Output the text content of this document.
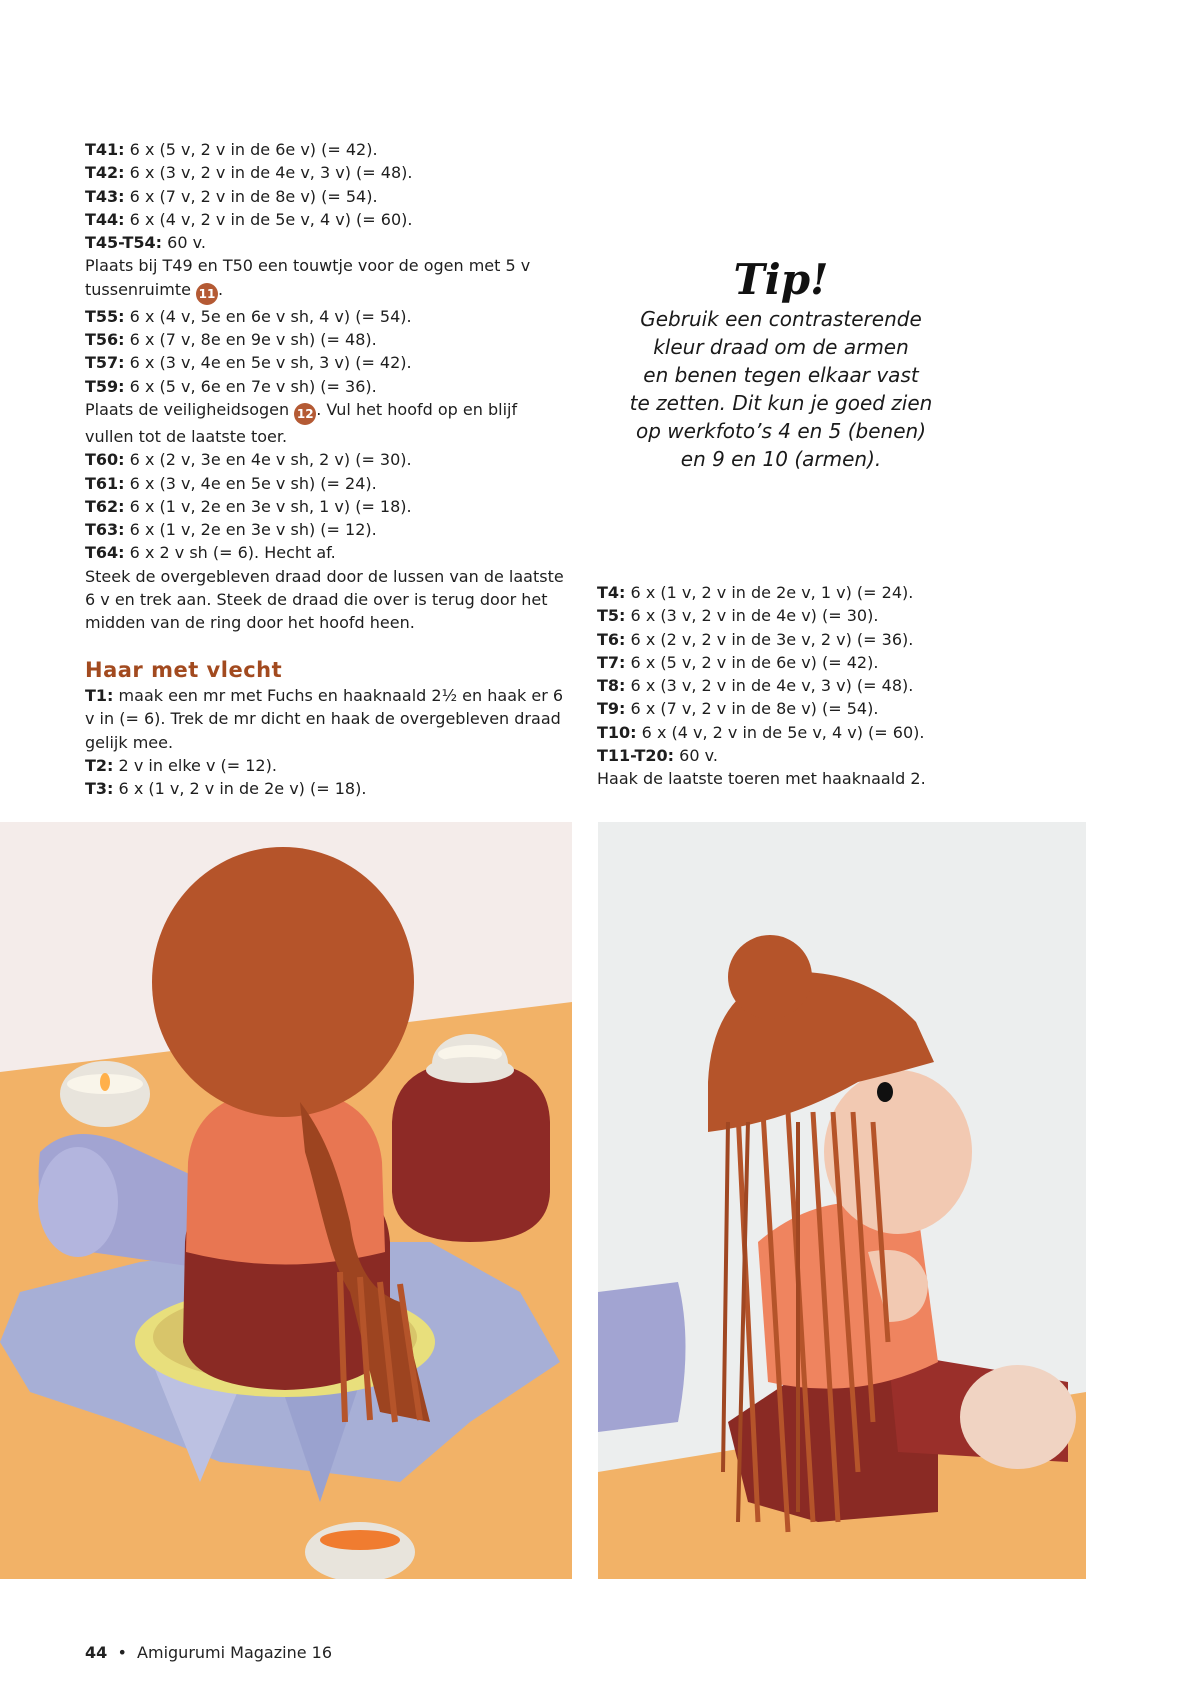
T41: 6 x (5 v, 2 v in de 6e v) (= 42).

T42: 6 x (3 v, 2 v in de 4e v, 3 v) (= 48).

T43: 6 x (7 v, 2 v in de 8e v) (= 54).

T44: 6 x (4 v, 2 v in de 5e v, 4 v) (= 60).

T45-T54: 60 v.

Plaats bij T49 en T50 een touwtje voor de ogen met 5 v tussenruimte 11 .

T55: 6 x (4 v, 5e en 6e v sh, 4 v) (= 54).

T56: 6 x (7 v, 8e en 9e v sh) (= 48).

T57: 6 x (3 v, 4e en 5e v sh, 3 v) (= 42).

T59: 6 x (5 v, 6e en 7e v sh) (= 36).

Plaats de veiligheidsogen 12 . Vul het hoofd op en blijf vullen tot de laatste toer.

T60: 6 x (2 v, 3e en 4e v sh, 2 v) (= 30).

T61: 6 x (3 v, 4e en 5e v sh) (= 24).

T62: 6 x (1 v, 2e en 3e v sh, 1 v) (= 18).

T63: 6 x (1 v, 2e en 3e v sh) (= 12).

T64: 6 x 2 v sh (= 6). Hecht af.

Steek de overgebleven draad door de lussen van de laatste 6 v en trek aan. Steek de draad die over is terug door het midden van de ring door het hoofd heen.

Haar met vlecht

T1: maak een mr met Fuchs en haaknaald 2½ en haak er 6 v in (= 6). Trek de mr dicht en haak de overgebleven draad gelijk mee.

T2: 2 v in elke v (= 12).

T3: 6 x (1 v, 2 v in de 2e v) (= 18).

Tip!
Gebruik een contrasterende
kleur draad om de armen
en benen tegen elkaar vast
te zetten. Dit kun je goed zien
op werkfoto’s 4 en 5 (benen)
en 9 en 10 (armen).

T4: 6 x (1 v, 2 v in de 2e v, 1 v) (= 24).

T5: 6 x (3 v, 2 v in de 4e v) (= 30).

T6: 6 x (2 v, 2 v in de 3e v, 2 v) (= 36).

T7: 6 x (5 v, 2 v in de 6e v) (= 42).

T8: 6 x (3 v, 2 v in de 4e v, 3 v) (= 48).

T9: 6 x (7 v, 2 v in de 8e v) (= 54).

T10: 6 x (4 v, 2 v in de 5e v, 4 v) (= 60).

T11-T20: 60 v.

Haak de laatste toeren met haaknaald 2.

44 • Amigurumi Magazine 16
